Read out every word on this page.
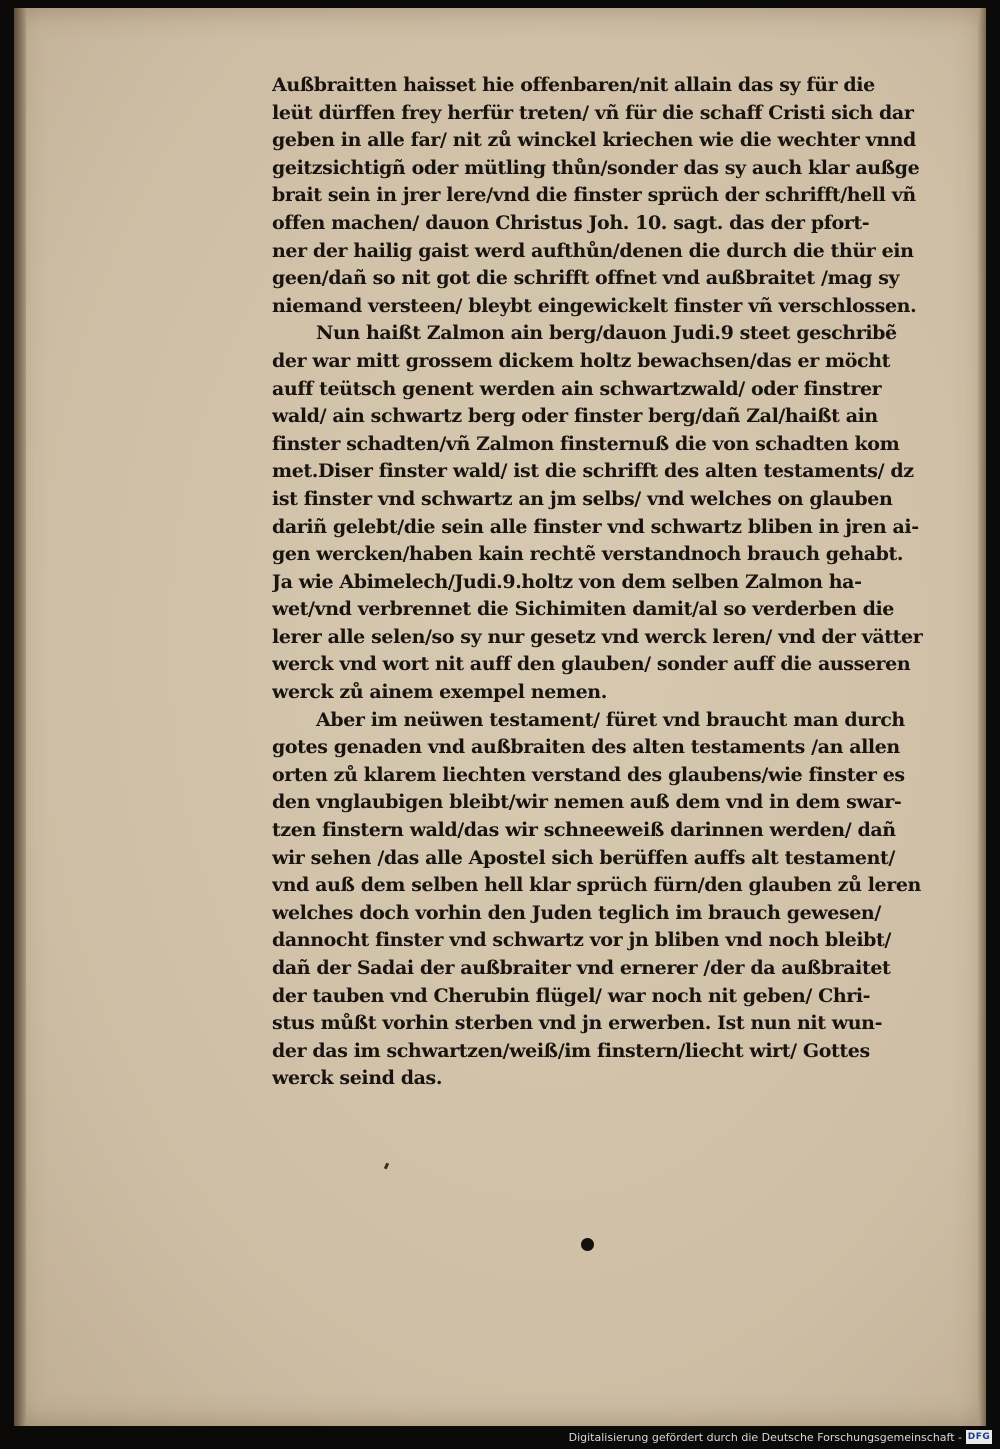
Außbraitten haisset hie offenbaren/nit allain das sy für die
leüt dürffen frey herfür treten/ vñ für die schaff Cristi sich dar
geben in alle far/ nit zů winckel kriechen wie die wechter vnnd
geitzsichtigñ oder mütling thůn/sonder das sy auch klar außge
brait sein in jrer lere/vnd die finster sprüch der schrifft/hell vñ
offen machen/ dauon Christus Joh. 10. sagt. das der pfort-
ner der hailig gaist werd aufthůn/denen die durch die thür ein
geen/dañ so nit got die schrifft offnet vnd außbraitet /mag sy
niemand versteen/ bleybt eingewickelt finster vñ verschlossen.
Nun haißt Zalmon ain berg/dauon Judi.9 steet geschribẽ
der war mitt grossem dickem holtz bewachsen/das er möcht
auff teütsch genent werden ain schwartzwald/ oder finstrer
wald/ ain schwartz berg oder finster berg/dañ Zal/haißt ain
finster schadten/vñ Zalmon finsternuß die von schadten kom
met.Diser finster wald/ ist die schrifft des alten testaments/ dz
ist finster vnd schwartz an jm selbs/ vnd welches on glauben
dariñ gelebt/die sein alle finster vnd schwartz bliben in jren ai-
gen wercken/haben kain rechtẽ verstandnoch brauch gehabt.
Ja wie Abimelech/Judi.9.holtz von dem selben Zalmon ha-
wet/vnd verbrennet die Sichimiten damit/al so verderben die
lerer alle selen/so sy nur gesetz vnd werck leren/ vnd der vätter
werck vnd wort nit auff den glauben/ sonder auff die ausseren
werck zů ainem exempel nemen.
Aber im neüwen testament/ füret vnd braucht man durch
gotes genaden vnd außbraiten des alten testaments /an allen
orten zů klarem liechten verstand des glaubens/wie finster es
den vnglaubigen bleibt/wir nemen auß dem vnd in dem swar-
tzen finstern wald/das wir schneeweiß darinnen werden/ dañ
wir sehen /das alle Apostel sich berüffen auffs alt testament/
vnd auß dem selben hell klar sprüch fürn/den glauben zů leren
welches doch vorhin den Juden teglich im brauch gewesen/
dannocht finster vnd schwartz vor jn bliben vnd noch bleibt/
dañ der Sadai der außbraiter vnd ernerer /der da außbraitet
der tauben vnd Cherubin flügel/ war noch nit geben/ Chri-
stus můßt vorhin sterben vnd jn erwerben. Ist nun nit wun-
der das im schwartzen/weiß/im finstern/liecht wirt/ Gottes
werck seind das.
Digitalisierung gefördert durch die Deutsche Forschungsgemeinschaft - DFG
